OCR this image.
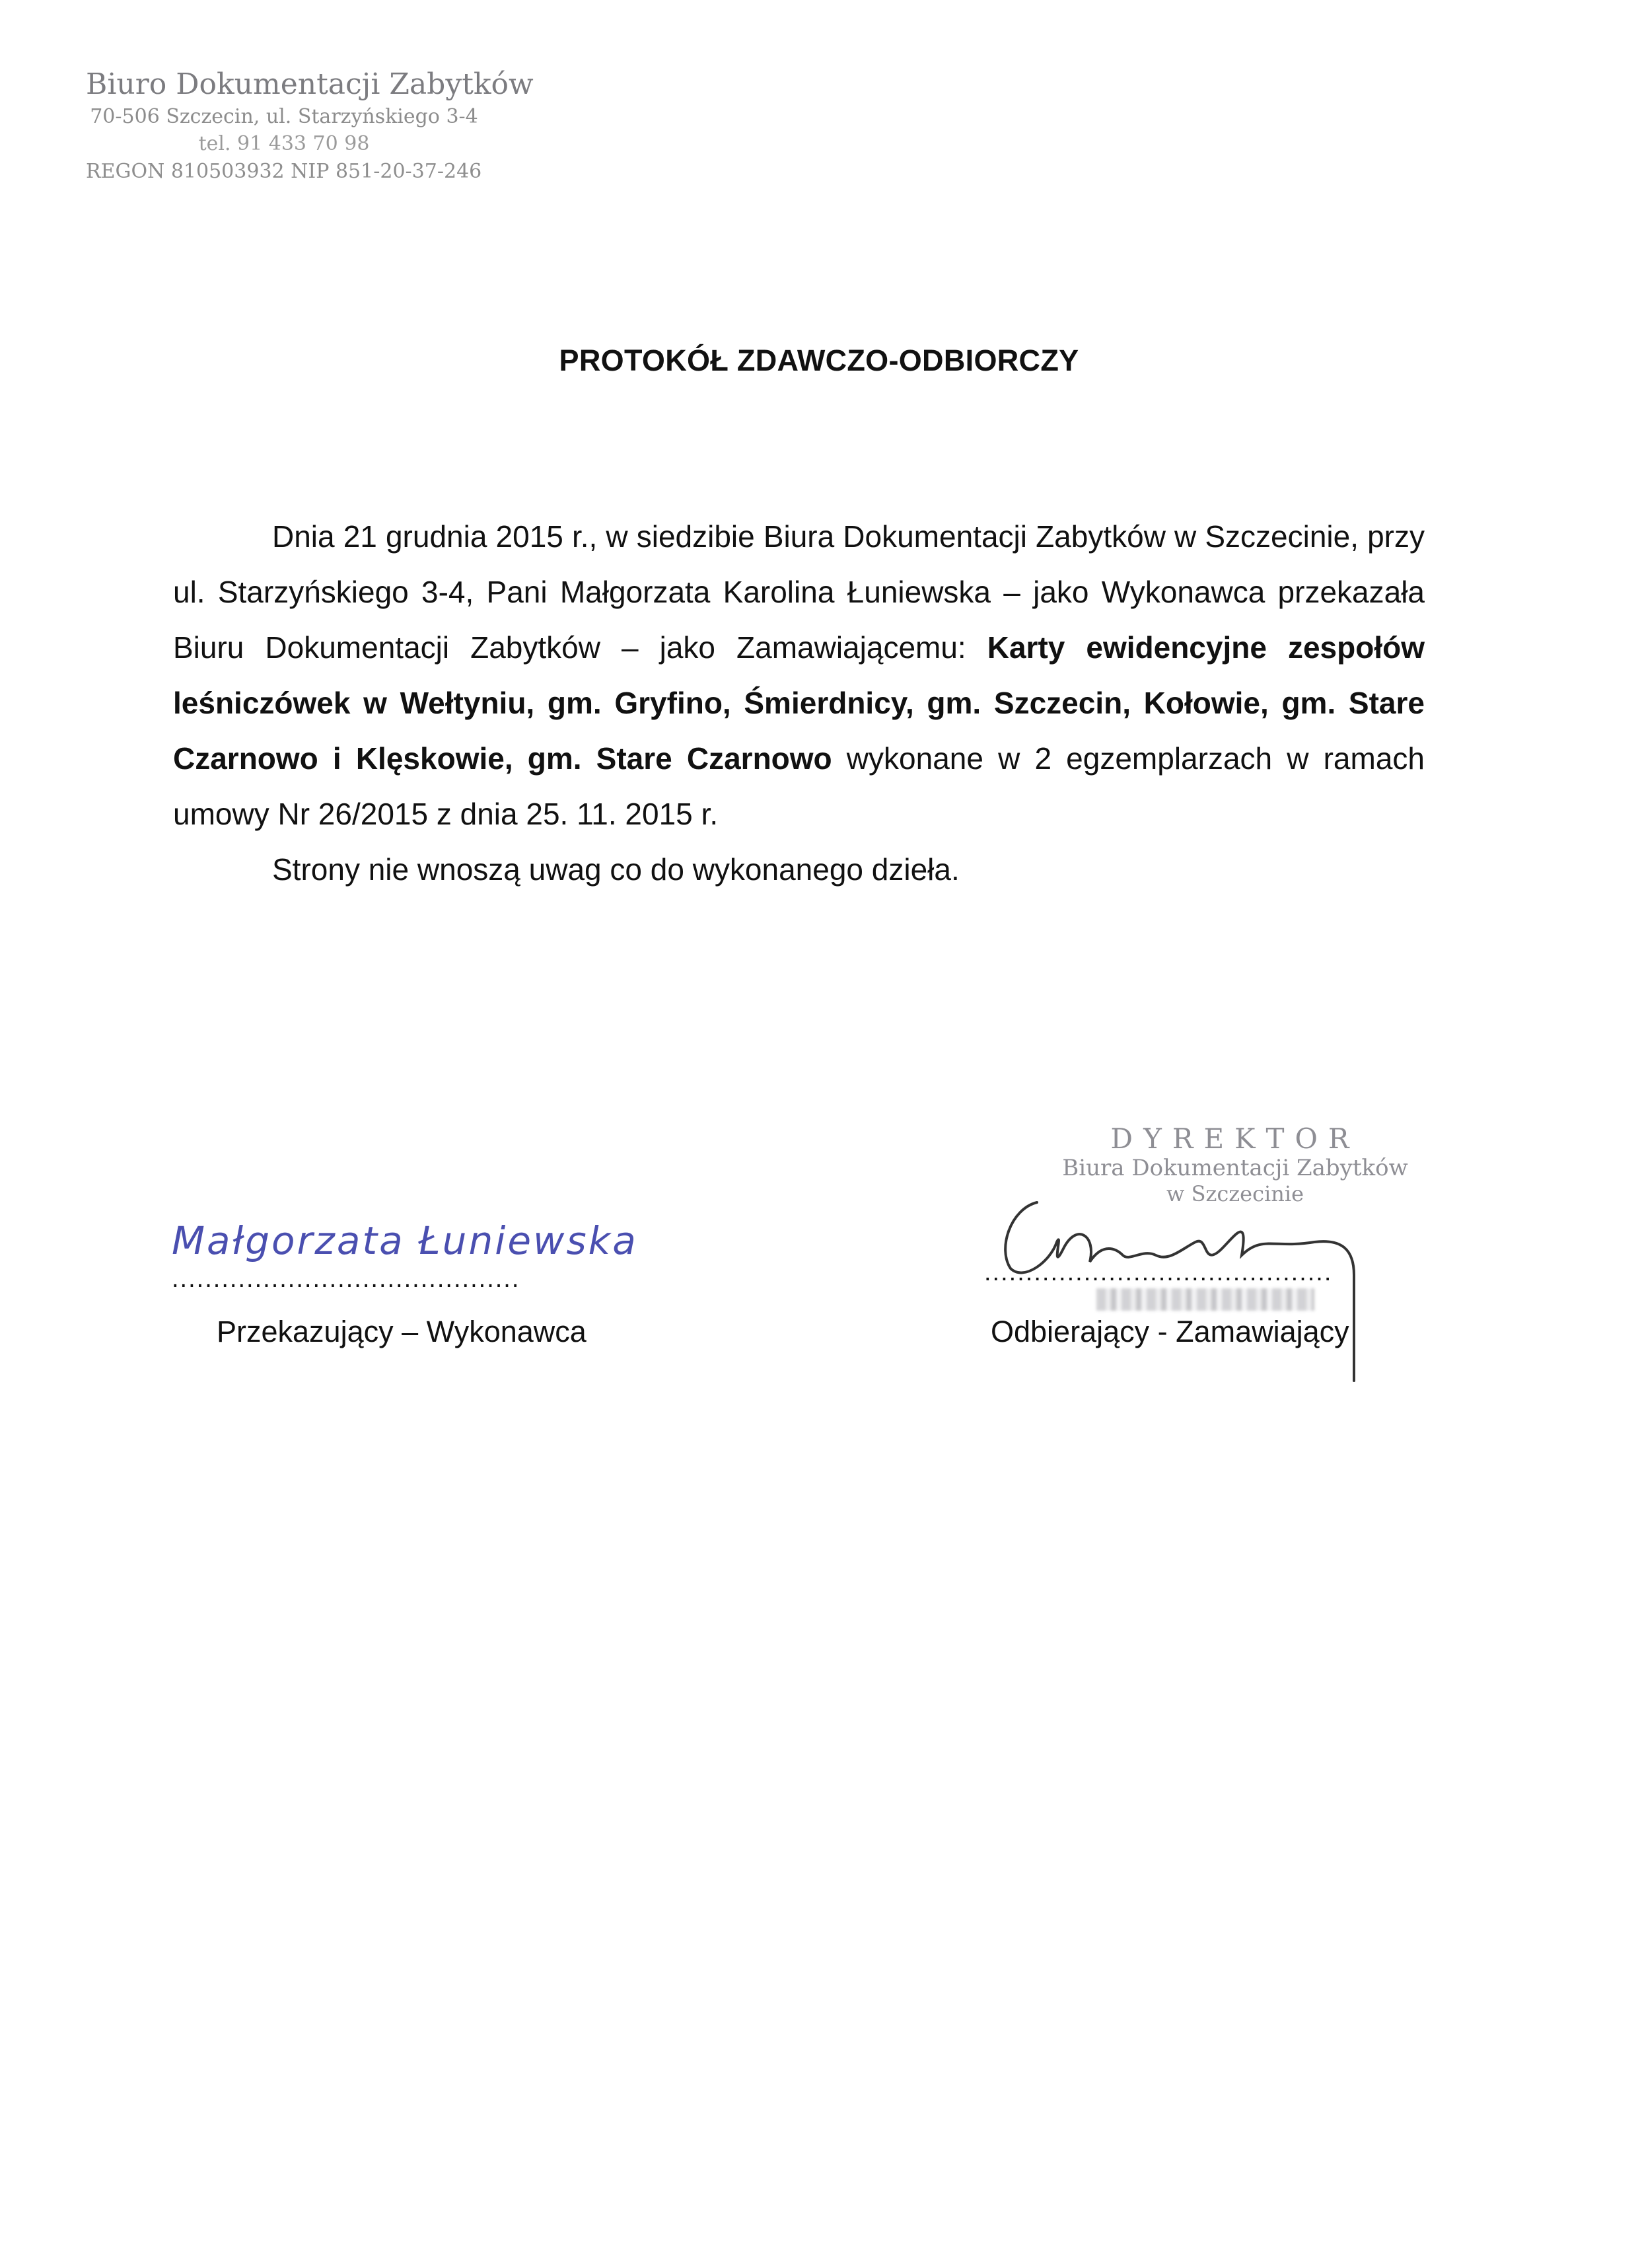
Biuro Dokumentacji Zabytków
70-506 Szczecin, ul. Starzyńskiego 3-4
tel. 91 433 70 98
REGON 810503932 NIP 851-20-37-246
PROTOKÓŁ ZDAWCZO-ODBIORCZY

Dnia 21 grudnia 2015 r., w siedzibie Biura Dokumentacji Zabytków w Szczecinie, przy ul. Starzyńskiego 3-4, Pani Małgorzata Karolina Łuniewska – jako Wykonawca przekazała Biuru Dokumentacji Zabytków – jako Zamawiającemu: Karty ewidencyjne zespołów leśniczówek w Wełtyniu, gm. Gryfino, Śmierdnicy, gm. Szczecin, Kołowie, gm. Stare Czarnowo i Klęskowie, gm. Stare Czarnowo wykonane w 2 egzemplarzach w ramach umowy Nr 26/2015 z dnia 25. 11. 2015 r.

Strony nie wnoszą uwag co do wykonanego dzieła.

Małgorzata Łuniewska
..........................................
Przekazujący – Wykonawca
DYREKTOR
Biura Dokumentacji Zabytków
w Szczecinie
..........................................
Odbierający - Zamawiający
